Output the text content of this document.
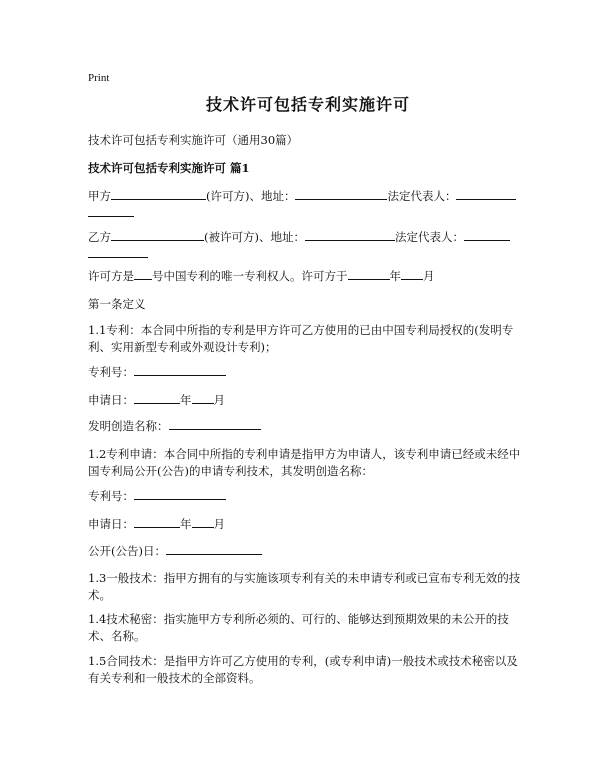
Print
技术许可包括专利实施许可
技术许可包括专利实施许可（通用30篇）
技术许可包括专利实施许可 篇1
甲方	(许可方)、地址：	法定代表人：

乙方	(被许可方)、地址：	法定代表人：

许可方是 号中国专利的唯一专利权人。许可方于	年 月
第一条定义
1.1专利：本合同中所指的专利是甲方许可乙方使用的已由中国专利局授权的(发明专利、实用新型专利或外观设计专利)；
专利号：
申请日：	年 月
发明创造名称：
1.2专利申请：本合同中所指的专利申请是指甲方为申请人，该专利申请已经或未经中国专利局公开(公告)的申请专利技术，其发明创造名称：
专利号：
申请日：	年 月
公开(公告)日：
1.3一般技术：指甲方拥有的与实施该项专利有关的未申请专利或已宣布专利无效的技术。
1.4技术秘密：指实施甲方专利所必须的、可行的、能够达到预期效果的未公开的技术、名称。
1.5合同技术：是指甲方许可乙方使用的专利，(或专利申请)一般技术或技术秘密以及有关专利和一般技术的全部资料。
